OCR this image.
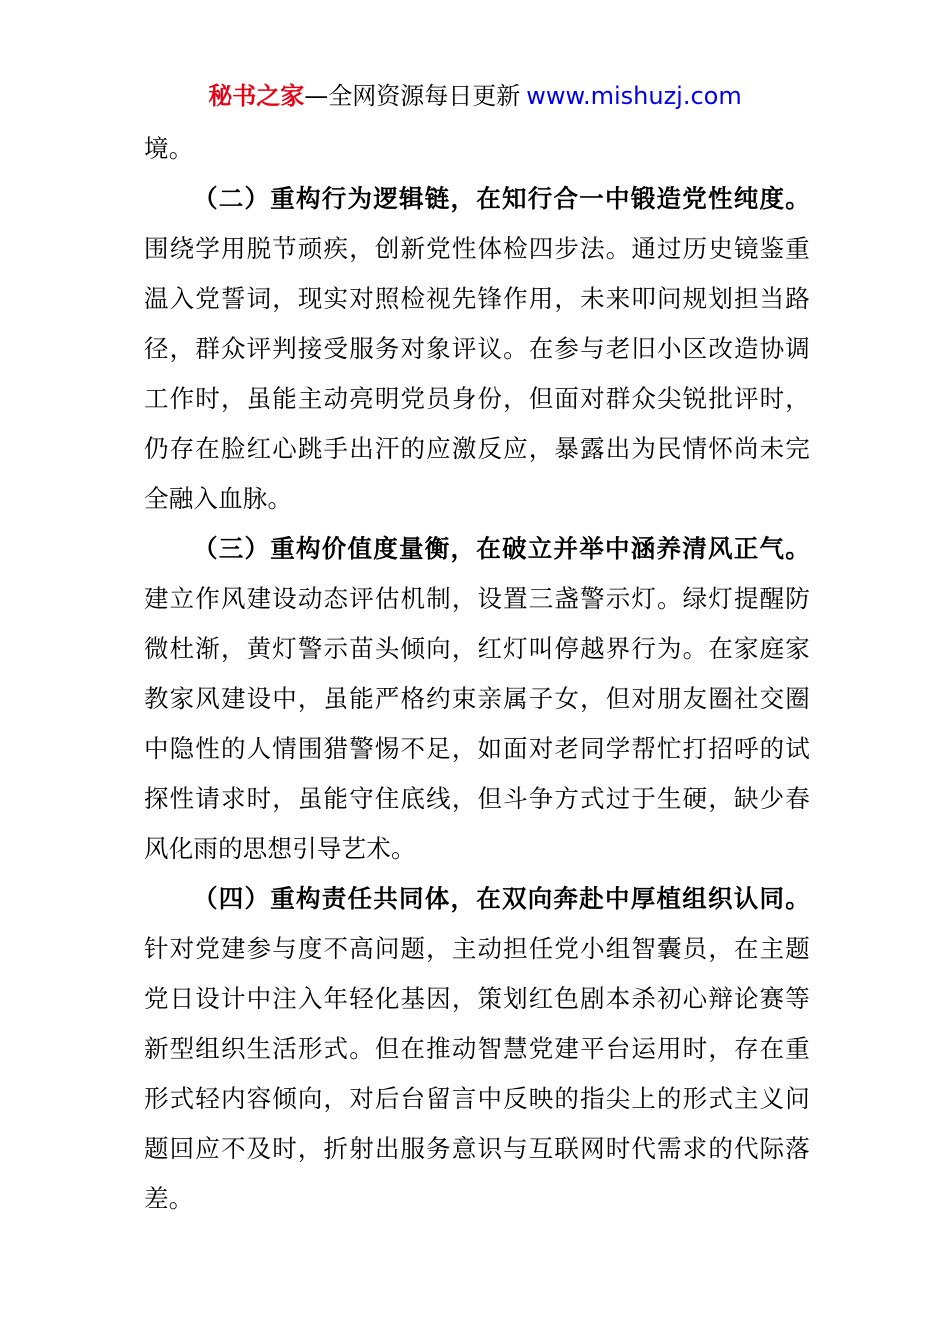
秘书之家—全网资源每日更新 www.mishuzj.com

境。

（二）重构行为逻辑链，在知行合一中锻造党性纯度。围绕学用脱节顽疾，创新党性体检四步法。通过历史镜鉴重温入党誓词，现实对照检视先锋作用，未来叩问规划担当路径，群众评判接受服务对象评议。在参与老旧小区改造协调工作时，虽能主动亮明党员身份，但面对群众尖锐批评时，仍存在脸红心跳手出汗的应激反应，暴露出为民情怀尚未完全融入血脉。

（三）重构价值度量衡，在破立并举中涵养清风正气。建立作风建设动态评估机制，设置三盏警示灯。绿灯提醒防微杜渐，黄灯警示苗头倾向，红灯叫停越界行为。在家庭家教家风建设中，虽能严格约束亲属子女，但对朋友圈社交圈中隐性的人情围猎警惕不足，如面对老同学帮忙打招呼的试探性请求时，虽能守住底线，但斗争方式过于生硬，缺少春风化雨的思想引导艺术。

（四）重构责任共同体，在双向奔赴中厚植组织认同。针对党建参与度不高问题，主动担任党小组智囊员，在主题党日设计中注入年轻化基因，策划红色剧本杀初心辩论赛等新型组织生活形式。但在推动智慧党建平台运用时，存在重形式轻内容倾向，对后台留言中反映的指尖上的形式主义问题回应不及时，折射出服务意识与互联网时代需求的代际落差。
